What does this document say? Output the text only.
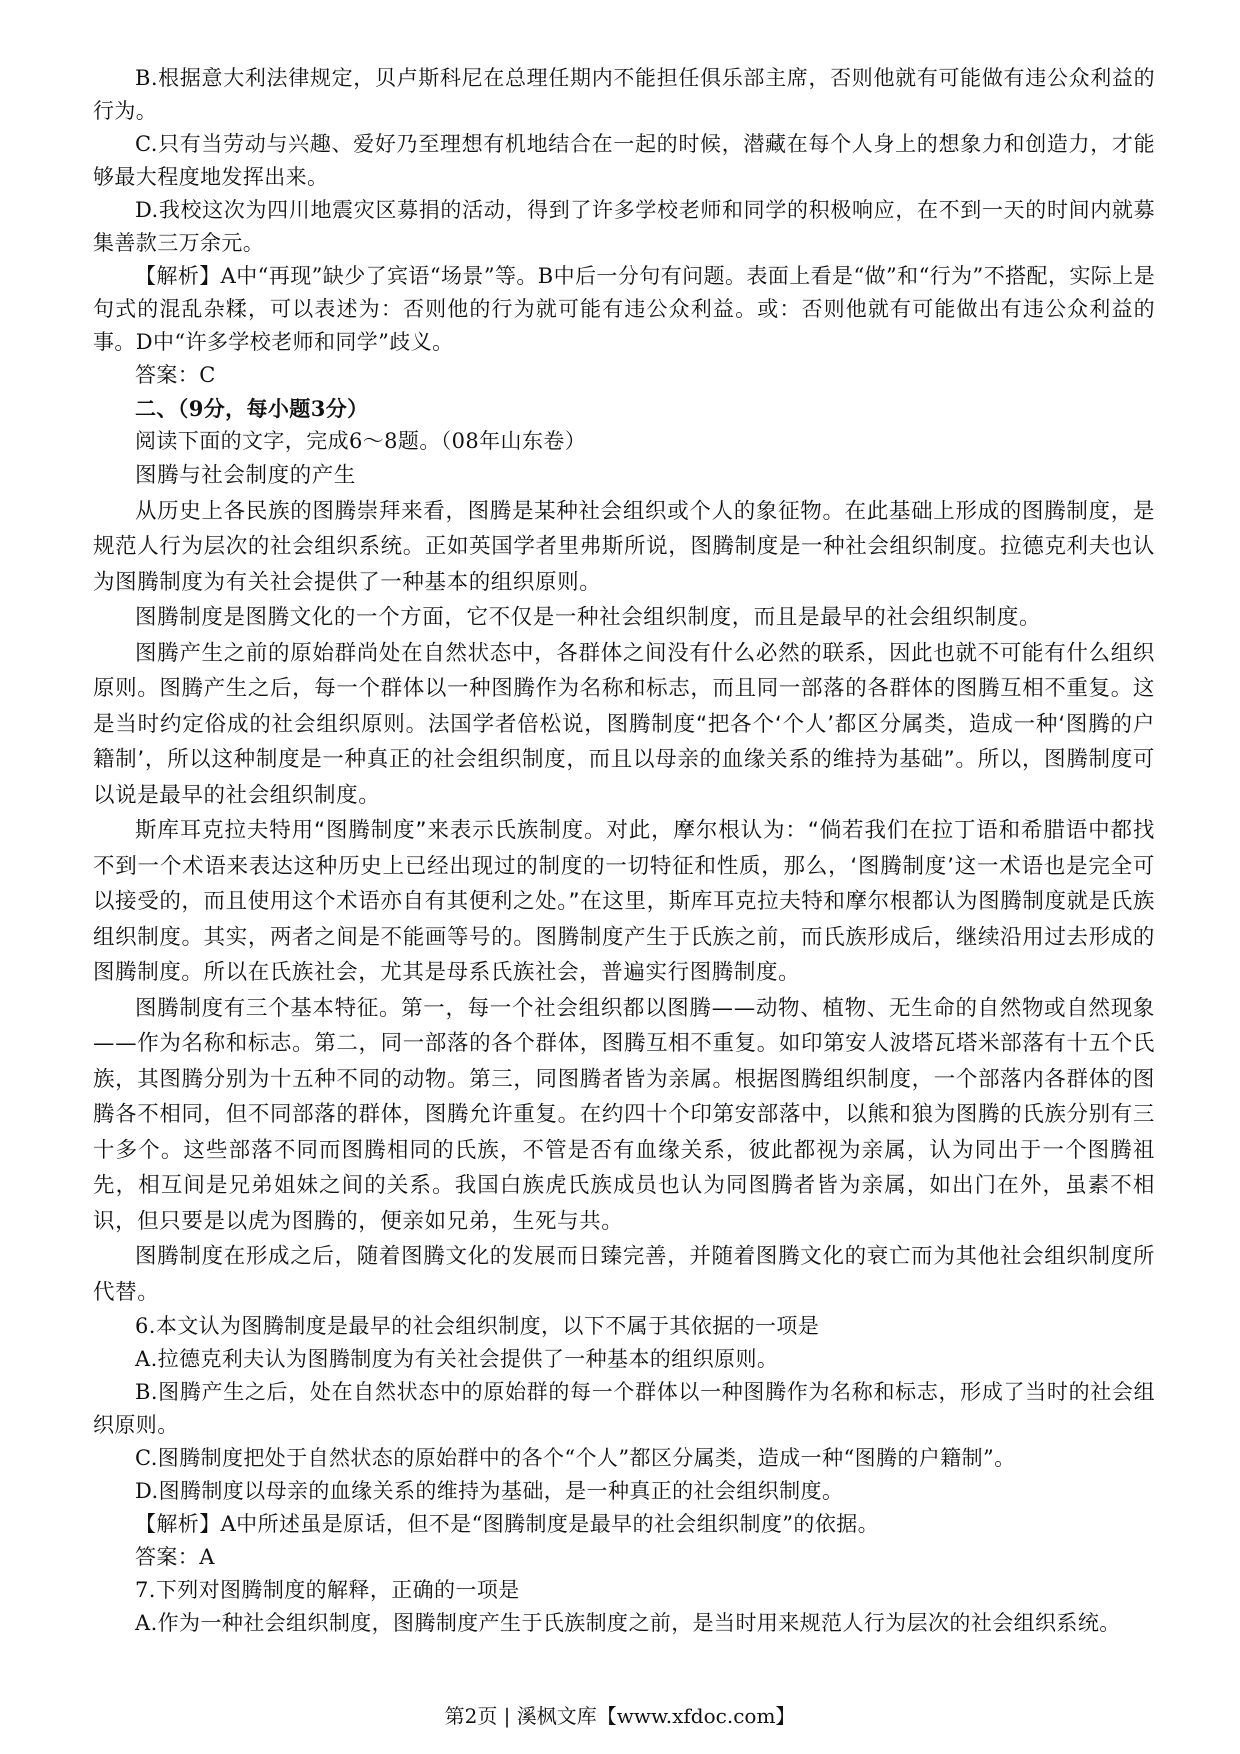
B.根据意大利法律规定，贝卢斯科尼在总理任期内不能担任俱乐部主席，否则他就有可能做有违公众利益的行为。

C.只有当劳动与兴趣、爱好乃至理想有机地结合在一起的时候，潜藏在每个人身上的想象力和创造力，才能够最大程度地发挥出来。

D.我校这次为四川地震灾区募捐的活动，得到了许多学校老师和同学的积极响应，在不到一天的时间内就募集善款三万余元。

【解析】A中“再现”缺少了宾语“场景”等。B中后一分句有问题。表面上看是“做”和“行为”不搭配，实际上是句式的混乱杂糅，可以表述为：否则他的行为就可能有违公众利益。或：否则他就有可能做出有违公众利益的事。D中“许多学校老师和同学”歧义。

答案：C

二、（9分，每小题3分）

阅读下面的文字，完成6～8题。（08年山东卷）

图腾与社会制度的产生

从历史上各民族的图腾崇拜来看，图腾是某种社会组织或个人的象征物。在此基础上形成的图腾制度，是规范人行为层次的社会组织系统。正如英国学者里弗斯所说，图腾制度是一种社会组织制度。拉德克利夫也认为图腾制度为有关社会提供了一种基本的组织原则。

图腾制度是图腾文化的一个方面，它不仅是一种社会组织制度，而且是最早的社会组织制度。

图腾产生之前的原始群尚处在自然状态中，各群体之间没有什么必然的联系，因此也就不可能有什么组织原则。图腾产生之后，每一个群体以一种图腾作为名称和标志，而且同一部落的各群体的图腾互相不重复。这是当时约定俗成的社会组织原则。法国学者倍松说，图腾制度“把各个‘个人’都区分属类，造成一种‘图腾的户籍制’，所以这种制度是一种真正的社会组织制度，而且以母亲的血缘关系的维持为基础”。所以，图腾制度可以说是最早的社会组织制度。

斯库耳克拉夫特用“图腾制度”来表示氏族制度。对此，摩尔根认为：“倘若我们在拉丁语和希腊语中都找不到一个术语来表达这种历史上已经出现过的制度的一切特征和性质，那么，‘图腾制度’这一术语也是完全可以接受的，而且使用这个术语亦自有其便利之处。”在这里，斯库耳克拉夫特和摩尔根都认为图腾制度就是氏族组织制度。其实，两者之间是不能画等号的。图腾制度产生于氏族之前，而氏族形成后，继续沿用过去形成的图腾制度。所以在氏族社会，尤其是母系氏族社会，普遍实行图腾制度。

图腾制度有三个基本特征。第一，每一个社会组织都以图腾——动物、植物、无生命的自然物或自然现象——作为名称和标志。第二，同一部落的各个群体，图腾互相不重复。如印第安人波塔瓦塔米部落有十五个氏族，其图腾分别为十五种不同的动物。第三，同图腾者皆为亲属。根据图腾组织制度，一个部落内各群体的图腾各不相同，但不同部落的群体，图腾允许重复。在约四十个印第安部落中，以熊和狼为图腾的氏族分别有三十多个。这些部落不同而图腾相同的氏族，不管是否有血缘关系，彼此都视为亲属，认为同出于一个图腾祖先，相互间是兄弟姐妹之间的关系。我国白族虎氏族成员也认为同图腾者皆为亲属，如出门在外，虽素不相识，但只要是以虎为图腾的，便亲如兄弟，生死与共。

图腾制度在形成之后，随着图腾文化的发展而日臻完善，并随着图腾文化的衰亡而为其他社会组织制度所代替。

6.本文认为图腾制度是最早的社会组织制度，以下不属于其依据的一项是

A.拉德克利夫认为图腾制度为有关社会提供了一种基本的组织原则。

B.图腾产生之后，处在自然状态中的原始群的每一个群体以一种图腾作为名称和标志，形成了当时的社会组织原则。

C.图腾制度把处于自然状态的原始群中的各个“个人”都区分属类，造成一种“图腾的户籍制”。

D.图腾制度以母亲的血缘关系的维持为基础，是一种真正的社会组织制度。

【解析】A中所述虽是原话，但不是“图腾制度是最早的社会组织制度”的依据。

答案：A

7.下列对图腾制度的解释，正确的一项是

A.作为一种社会组织制度，图腾制度产生于氏族制度之前，是当时用来规范人行为层次的社会组织系统。

第2页 | 溪枫文库【www.xfdoc.com】
